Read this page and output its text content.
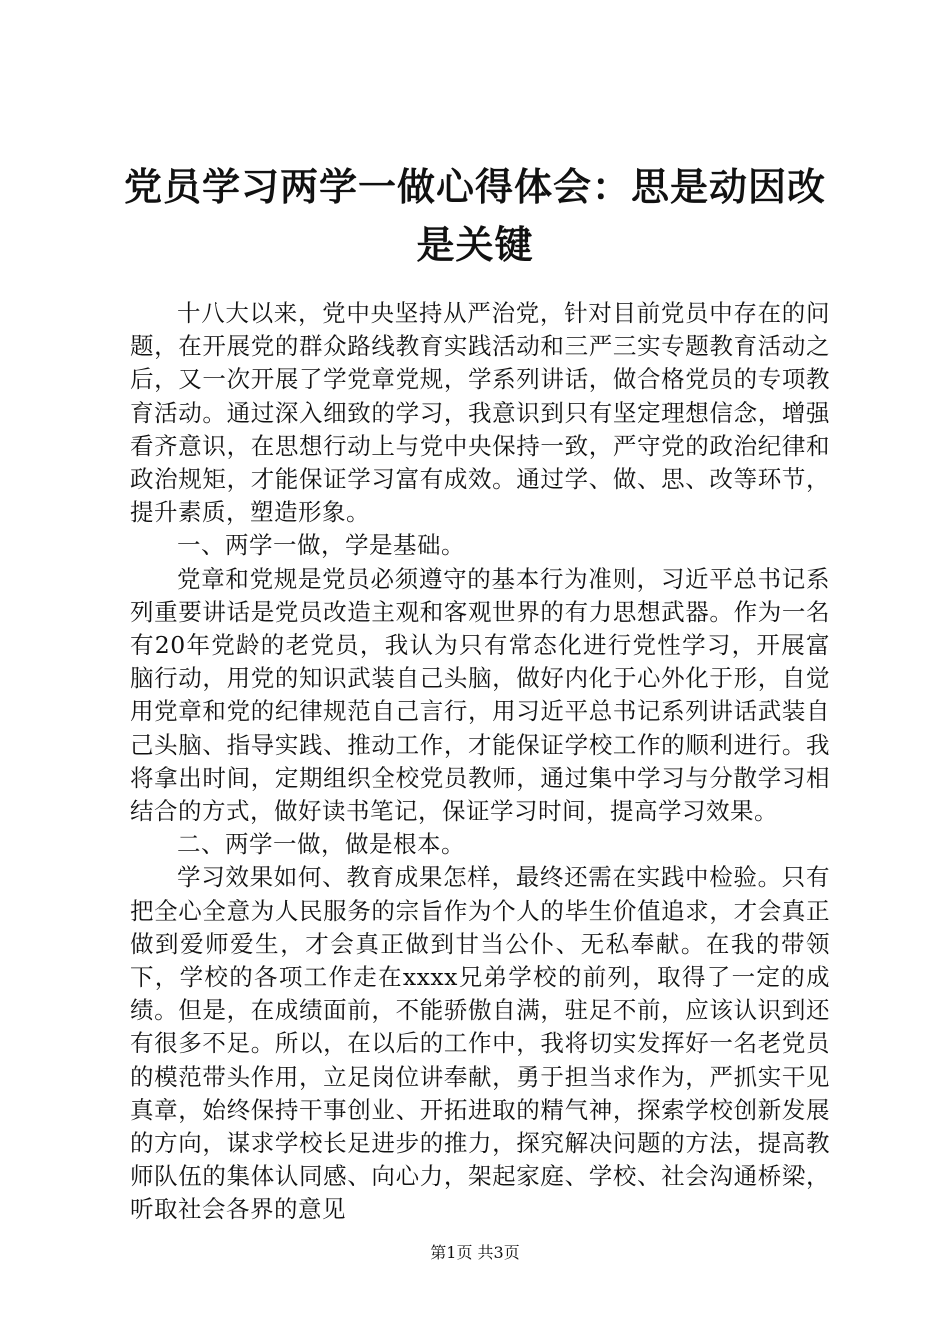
党员学习两学一做心得体会：思是动因改是关键

十八大以来，党中央坚持从严治党，针对目前党员中存在的问题，在开展党的群众路线教育实践活动和三严三实专题教育活动之后，又一次开展了学党章党规，学系列讲话，做合格党员的专项教育活动。通过深入细致的学习，我意识到只有坚定理想信念，增强看齐意识，在思想行动上与党中央保持一致，严守党的政治纪律和政治规矩，才能保证学习富有成效。通过学、做、思、改等环节，提升素质，塑造形象。

一、两学一做，学是基础。

党章和党规是党员必须遵守的基本行为准则，习近平总书记系列重要讲话是党员改造主观和客观世界的有力思想武器。作为一名有20年党龄的老党员，我认为只有常态化进行党性学习，开展富脑行动，用党的知识武装自己头脑，做好内化于心外化于形，自觉用党章和党的纪律规范自己言行，用习近平总书记系列讲话武装自己头脑、指导实践、推动工作，才能保证学校工作的顺利进行。我将拿出时间，定期组织全校党员教师，通过集中学习与分散学习相结合的方式，做好读书笔记，保证学习时间，提高学习效果。

二、两学一做，做是根本。

学习效果如何、教育成果怎样，最终还需在实践中检验。只有把全心全意为人民服务的宗旨作为个人的毕生价值追求，才会真正做到爱师爱生，才会真正做到甘当公仆、无私奉献。在我的带领下，学校的各项工作走在xxxx兄弟学校的前列，取得了一定的成绩。但是，在成绩面前，不能骄傲自满，驻足不前，应该认识到还有很多不足。所以，在以后的工作中，我将切实发挥好一名老党员的模范带头作用，立足岗位讲奉献，勇于担当求作为，严抓实干见真章，始终保持干事创业、开拓进取的精气神，探索学校创新发展的方向，谋求学校长足进步的推力，探究解决问题的方法，提高教师队伍的集体认同感、向心力，架起家庭、学校、社会沟通桥梁，听取社会各界的意见

第1页 共3页
